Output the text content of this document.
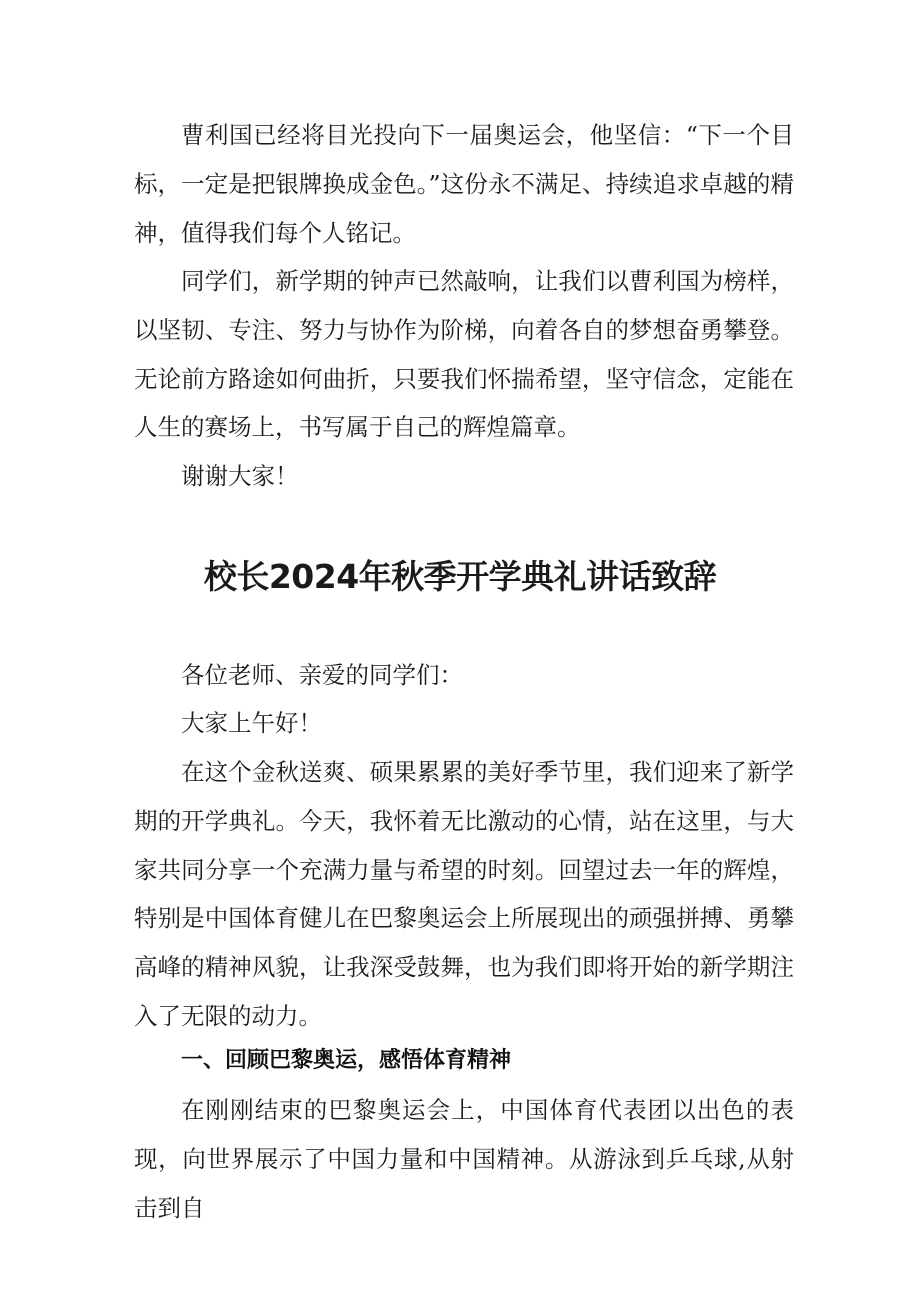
曹利国已经将目光投向下一届奥运会，他坚信：“下一个目标，一定是把银牌换成金色。”这份永不满足、持续追求卓越的精神，值得我们每个人铭记。

同学们，新学期的钟声已然敲响，让我们以曹利国为榜样，以坚韧、专注、努力与协作为阶梯，向着各自的梦想奋勇攀登。无论前方路途如何曲折，只要我们怀揣希望，坚守信念，定能在人生的赛场上，书写属于自己的辉煌篇章。

谢谢大家！

校长2024年秋季开学典礼讲话致辞

各位老师、亲爱的同学们：

大家上午好！

在这个金秋送爽、硕果累累的美好季节里，我们迎来了新学期的开学典礼。今天，我怀着无比激动的心情，站在这里，与大家共同分享一个充满力量与希望的时刻。回望过去一年的辉煌，特别是中国体育健儿在巴黎奥运会上所展现出的顽强拼搏、勇攀高峰的精神风貌，让我深受鼓舞，也为我们即将开始的新学期注入了无限的动力。

一、回顾巴黎奥运，感悟体育精神

在刚刚结束的巴黎奥运会上，中国体育代表团以出色的表现，向世界展示了中国力量和中国精神。从游泳到乒乓球,从射击到自
